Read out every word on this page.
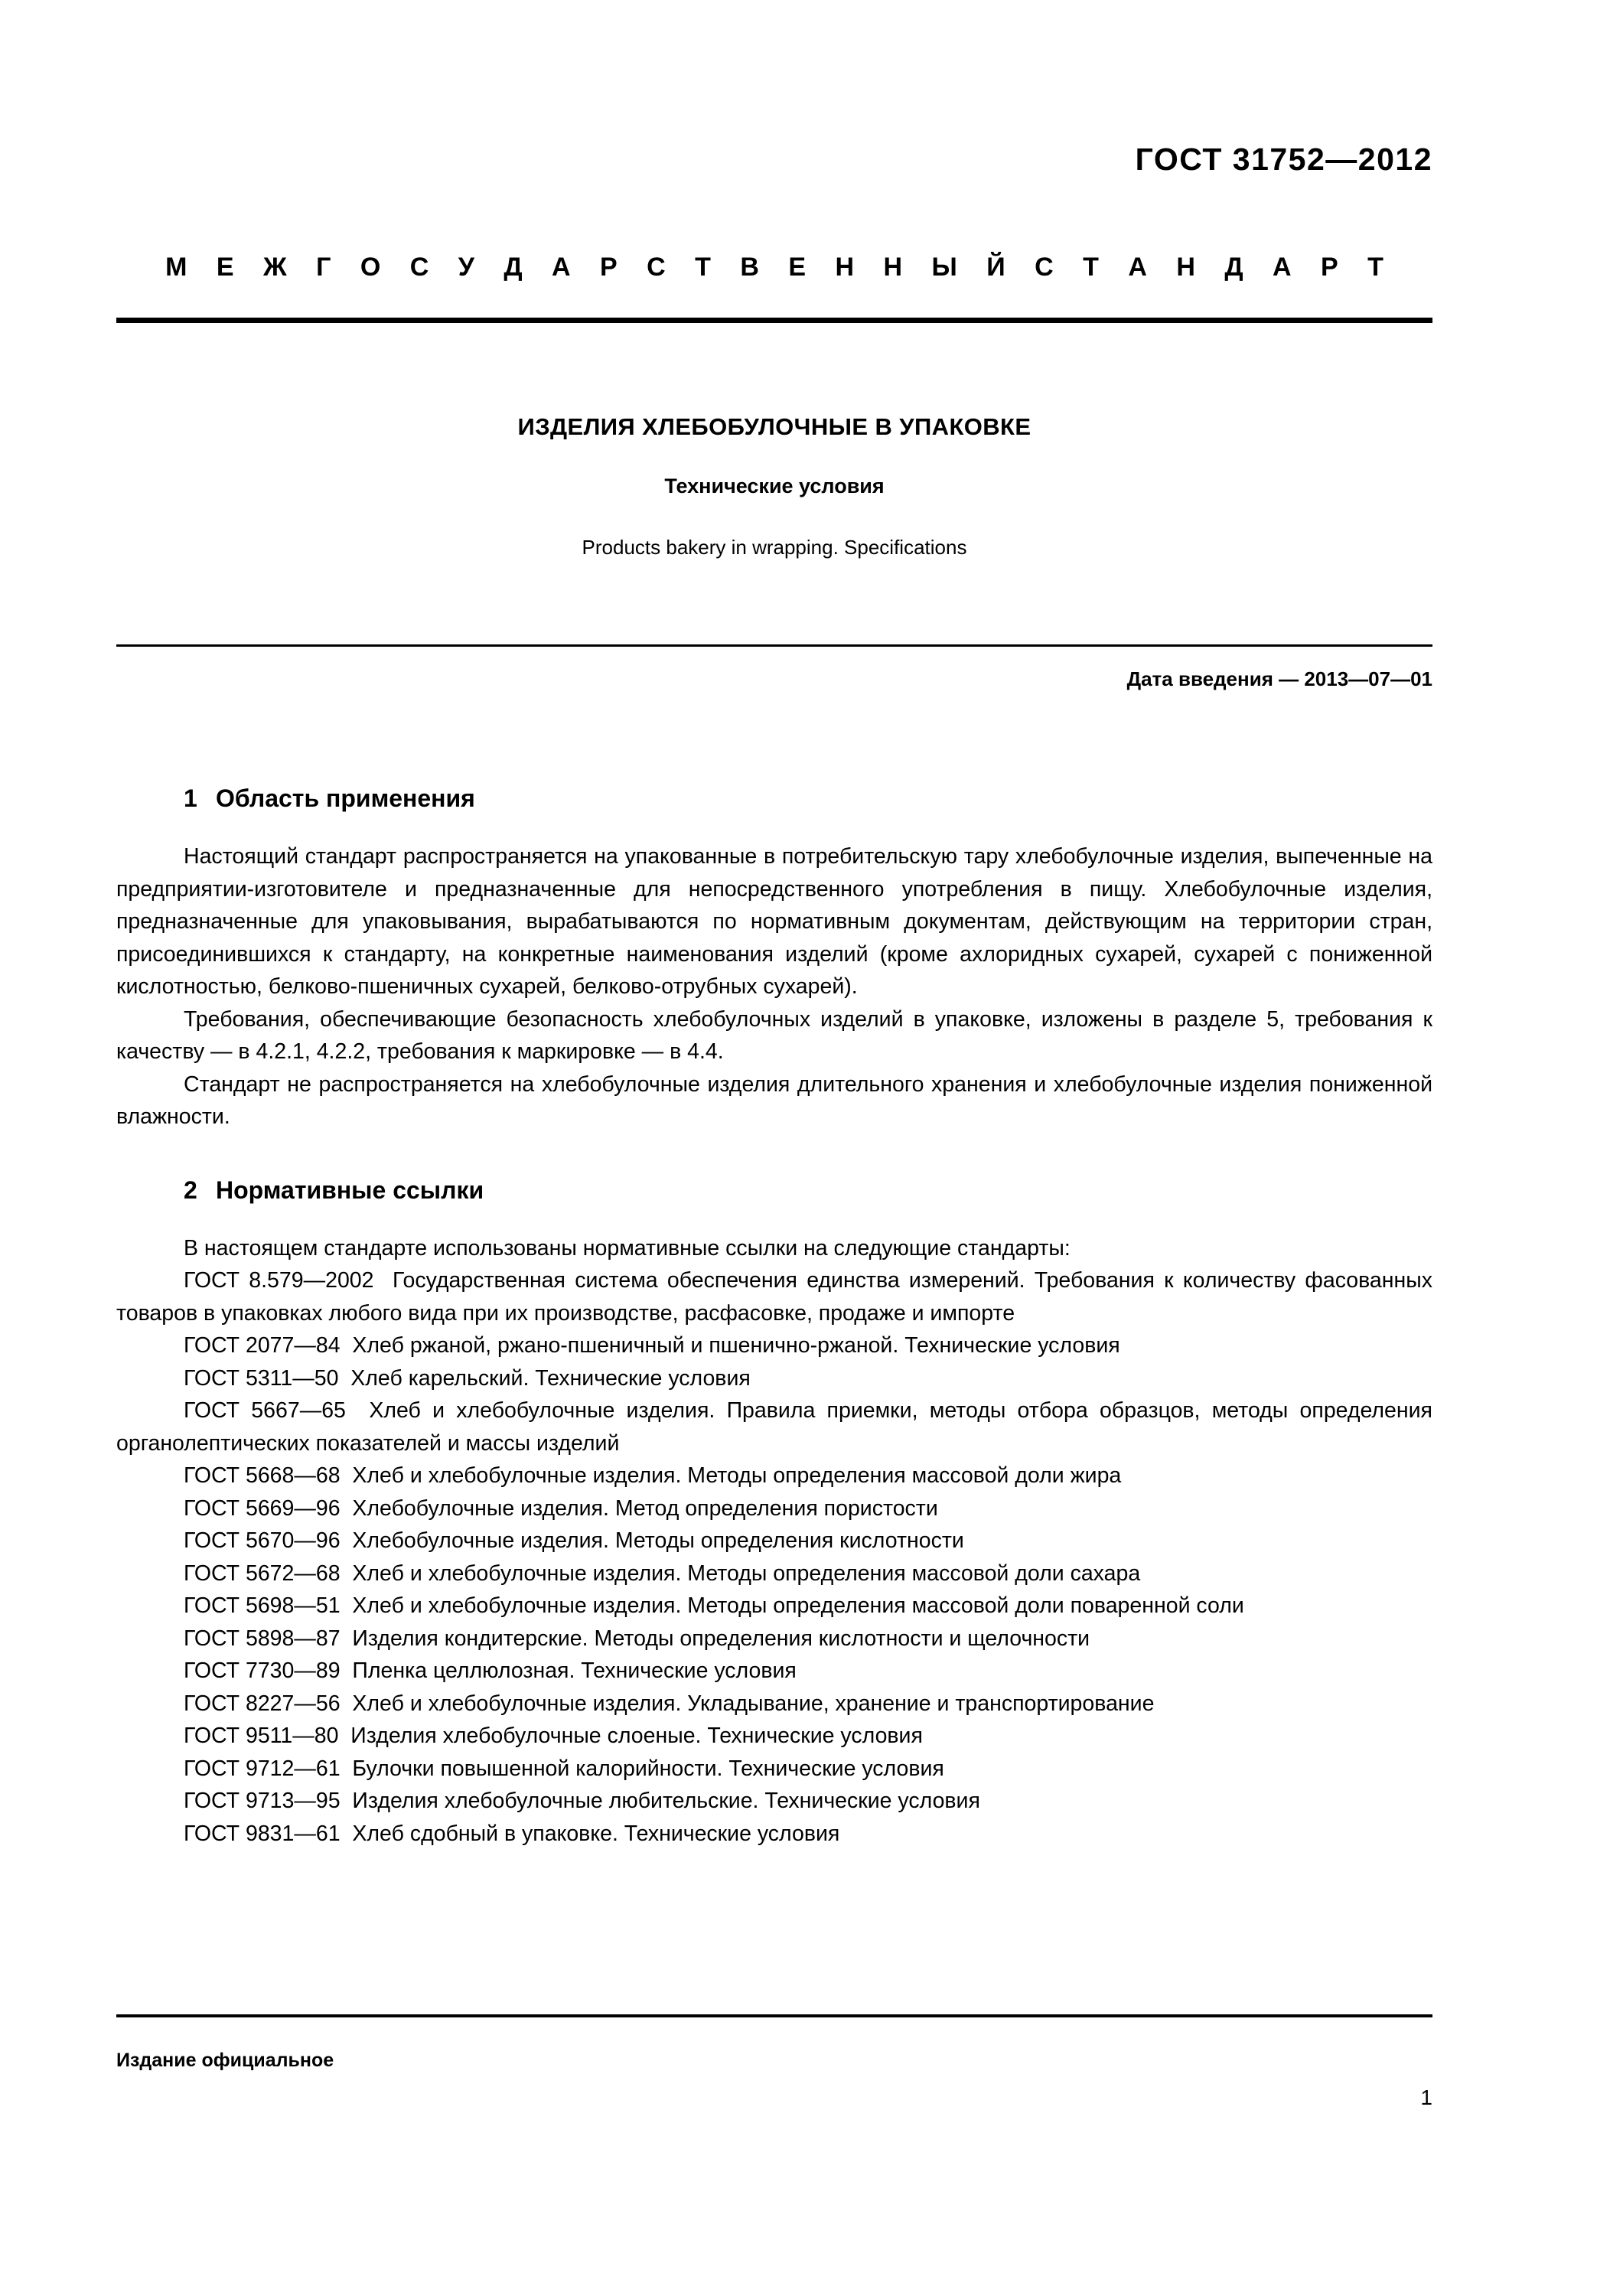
ГОСТ 31752—2012
М Е Ж Г О С У Д А Р С Т В Е Н Н Ы Й С Т А Н Д А Р Т
ИЗДЕЛИЯ ХЛЕБОБУЛОЧНЫЕ В УПАКОВКЕ
Технические условия
Products bakery in wrapping. Specifications
Дата введения — 2013—07—01
1 Область применения

Настоящий стандарт распространяется на упакованные в потребительскую тару хлебобулочные изделия, выпеченные на предприятии-изготовителе и предназначенные для непосредственного употребления в пищу. Хлебобулочные изделия, предназначенные для упаковывания, вырабатываются по нормативным документам, действующим на территории стран, присоединившихся к стандарту, на конкретные наименования изделий (кроме ахлоридных сухарей, сухарей с пониженной кислотностью, белково-пшеничных сухарей, белково-отрубных сухарей).

Требования, обеспечивающие безопасность хлебобулочных изделий в упаковке, изложены в разделе 5, требования к качеству — в 4.2.1, 4.2.2, требования к маркировке — в 4.4.

Стандарт не распространяется на хлебобулочные изделия длительного хранения и хлебобулочные изделия пониженной влажности.

2 Нормативные ссылки

В настоящем стандарте использованы нормативные ссылки на следующие стандарты:

ГОСТ 8.579—2002 Государственная система обеспечения единства измерений. Требования к количеству фасованных товаров в упаковках любого вида при их производстве, расфасовке, продаже и импорте
ГОСТ 2077—84 Хлеб ржаной, ржано-пшеничный и пшенично-ржаной. Технические условия
ГОСТ 5311—50 Хлеб карельский. Технические условия
ГОСТ 5667—65 Хлеб и хлебобулочные изделия. Правила приемки, методы отбора образцов, методы определения органолептических показателей и массы изделий
ГОСТ 5668—68 Хлеб и хлебобулочные изделия. Методы определения массовой доли жира
ГОСТ 5669—96 Хлебобулочные изделия. Метод определения пористости
ГОСТ 5670—96 Хлебобулочные изделия. Методы определения кислотности
ГОСТ 5672—68 Хлеб и хлебобулочные изделия. Методы определения массовой доли сахара
ГОСТ 5698—51 Хлеб и хлебобулочные изделия. Методы определения массовой доли поваренной соли
ГОСТ 5898—87 Изделия кондитерские. Методы определения кислотности и щелочности
ГОСТ 7730—89 Пленка целлюлозная. Технические условия
ГОСТ 8227—56 Хлеб и хлебобулочные изделия. Укладывание, хранение и транспортирование
ГОСТ 9511—80 Изделия хлебобулочные слоеные. Технические условия
ГОСТ 9712—61 Булочки повышенной калорийности. Технические условия
ГОСТ 9713—95 Изделия хлебобулочные любительские. Технические условия
ГОСТ 9831—61 Хлеб сдобный в упаковке. Технические условия
Издание официальное
1
